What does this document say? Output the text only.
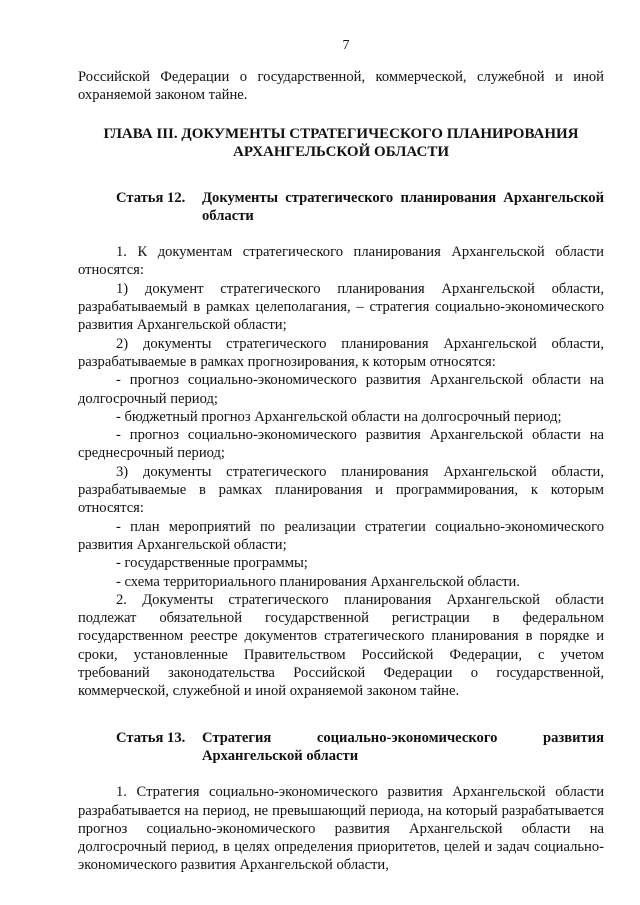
7

Российской Федерации о государственной, коммерческой, служебной и иной охраняемой законом тайне.

ГЛАВА III. ДОКУМЕНТЫ СТРАТЕГИЧЕСКОГО ПЛАНИРОВАНИЯ
АРХАНГЕЛЬСКОЙ ОБЛАСТИ
Статья 12.	Документы стратегического планирования Архангельской области

1. К документам стратегического планирования Архангельской области относятся:

1) документ стратегического планирования Архангельской области, разрабатываемый в рамках целеполагания, – стратегия социально-экономического развития Архангельской области;

2) документы стратегического планирования Архангельской области, разрабатываемые в рамках прогнозирования, к которым относятся:

- прогноз социально-экономического развития Архангельской области на долгосрочный период;

- бюджетный прогноз Архангельской области на долгосрочный период;

- прогноз социально-экономического развития Архангельской области на среднесрочный период;

3) документы стратегического планирования Архангельской области, разрабатываемые в рамках планирования и программирования, к которым относятся:

- план мероприятий по реализации стратегии социально-экономического развития Архангельской области;

- государственные программы;

- схема территориального планирования Архангельской области.

2. Документы стратегического планирования Архангельской области подлежат обязательной государственной регистрации в федеральном государственном реестре документов стратегического планирования в порядке и сроки, установленные Правительством Российской Федерации, с учетом требований законодательства Российской Федерации о государственной, коммерческой, служебной и иной охраняемой законом тайне.

Статья 13.	Стратегия социально-экономического развития Архангельской области

1. Стратегия социально-экономического развития Архангельской области разрабатывается на период, не превышающий периода, на который разрабатывается прогноз социально-экономического развития Архангельской области на долгосрочный период, в целях определения приоритетов, целей и задач социально-экономического развития Архангельской области,
